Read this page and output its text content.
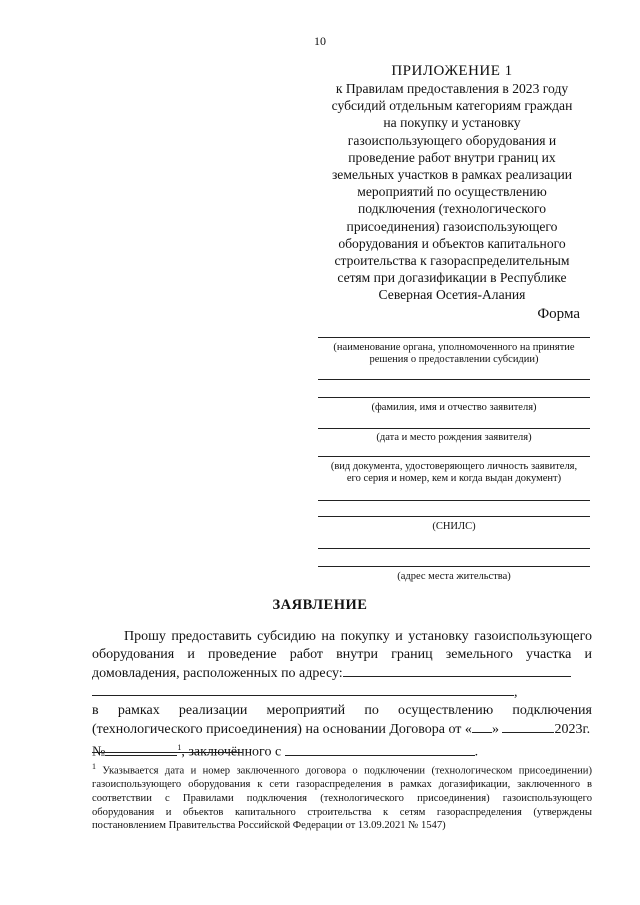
10
ПРИЛОЖЕНИЕ 1
к Правилам предоставления в 2023 году
субсидий отдельным категориям граждан
на покупку и установку
газоиспользующего оборудования и
проведение работ внутри границ их
земельных участков в рамках реализации
мероприятий по осуществлению
подключения (технологического
присоединения) газоиспользующего
оборудования и объектов капитального
строительства к газораспределительным
сетям при догазификации в Республике
Северная Осетия-Алания
Форма
(наименование органа, уполномоченного на принятие
решения о предоставлении субсидии)
(фамилия, имя и отчество заявителя)
(дата и место рождения заявителя)
(вид документа, удостоверяющего личность заявителя,
его серия и номер, кем и когда выдан документ)
(СНИЛС)
(адрес места жительства)
ЗАЯВЛЕНИЕ
Прошу предоставить субсидию на покупку и установку газоиспользующего
оборудования и проведение работ внутри границ земельного участка и
домовладения, расположенных по адресу:
,
в рамках реализации мероприятий по осуществлению подключения
(технологического присоединения) на основании Договора от « »	2023г.
№	$^1$, заключённого с	.
$^1$ Указывается дата и номер заключенного договора о подключении (технологическом присоединении) газоиспользующего оборудования к сети газораспределения в рамках догазификации, заключенного в соответствии с Правилами подключения (технологического присоединения) газоиспользующего оборудования и объектов капитального строительства к сетям газораспределения (утверждены постановлением Правительства Российской Федерации от 13.09.2021 № 1547)
